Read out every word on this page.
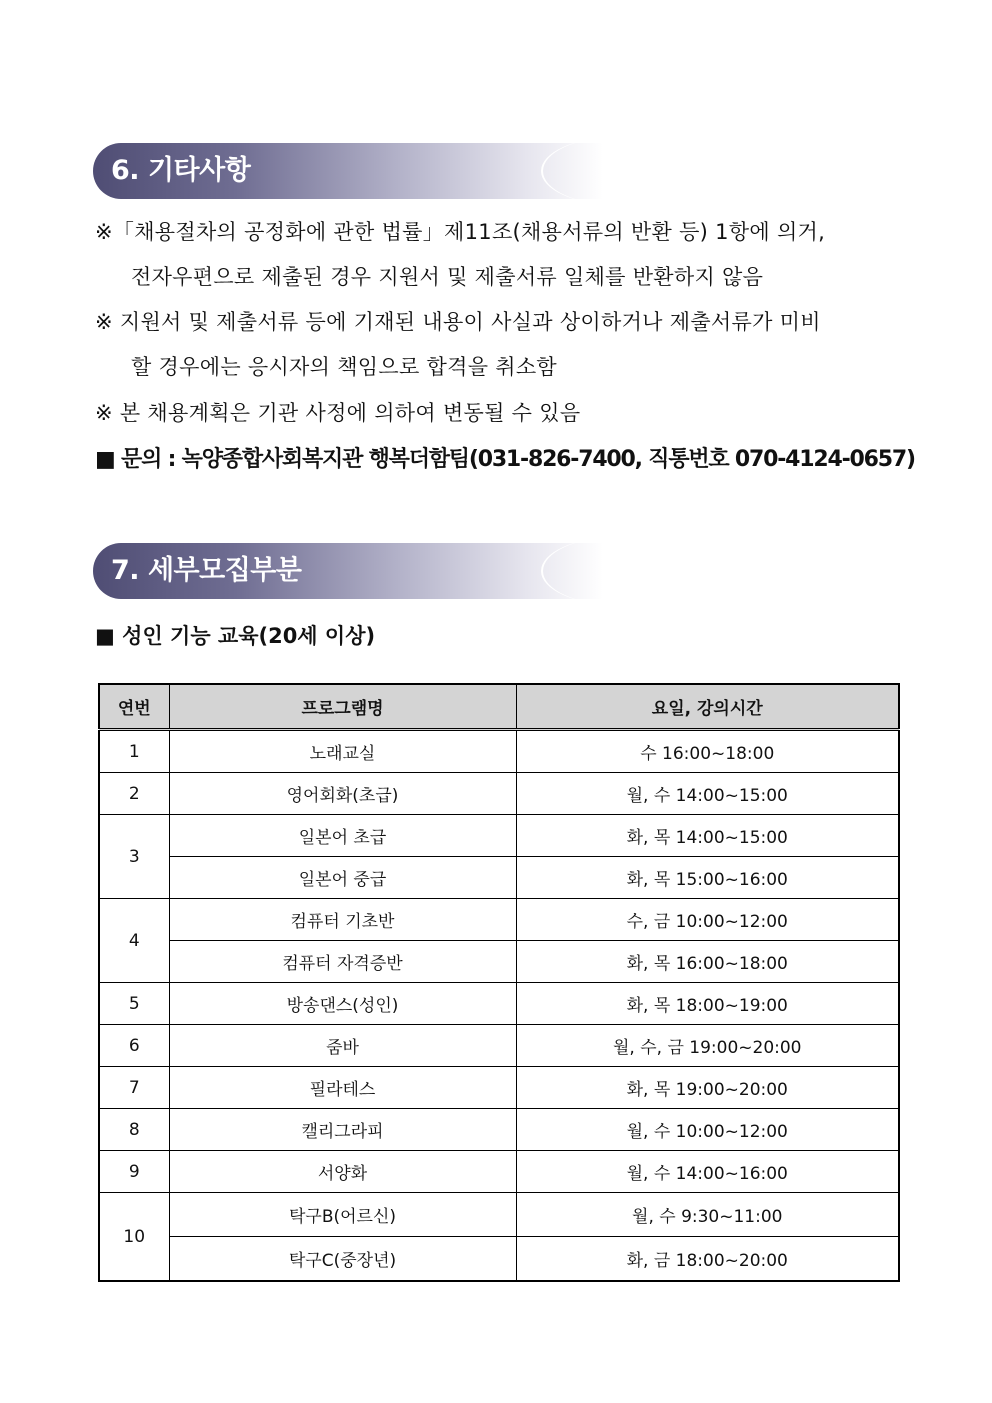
6. 기타사항
※「채용절차의 공정화에 관한 법률」제11조(채용서류의 반환 등) 1항에 의거,
전자우편으로 제출된 경우 지원서 및 제출서류 일체를 반환하지 않음
※ 지원서 및 제출서류 등에 기재된 내용이 사실과 상이하거나 제출서류가 미비
할 경우에는 응시자의 책임으로 합격을 취소함
※ 본 채용계획은 기관 사정에 의하여 변동될 수 있음
■ 문의 : 녹양종합사회복지관 행복더함팀(031-826-7400, 직통번호 070-4124-0657)
7. 세부모집부분
■ 성인 기능 교육(20세 이상)
연번	프로그램명	요일, 강의시간
1	노래교실	수 16:00~18:00
2	영어회화(초급)	월, 수 14:00~15:00
3	일본어 초급	화, 목 14:00~15:00
	일본어 중급	화, 목 15:00~16:00
4	컴퓨터 기초반	수, 금 10:00~12:00
	컴퓨터 자격증반	화, 목 16:00~18:00
5	방송댄스(성인)	화, 목 18:00~19:00
6	줌바	월, 수, 금 19:00~20:00
7	필라테스	화, 목 19:00~20:00
8	캘리그라피	월, 수 10:00~12:00
9	서양화	월, 수 14:00~16:00
10	탁구B(어르신)	월, 수 9:30~11:00
	탁구C(중장년)	화, 금 18:00~20:00
